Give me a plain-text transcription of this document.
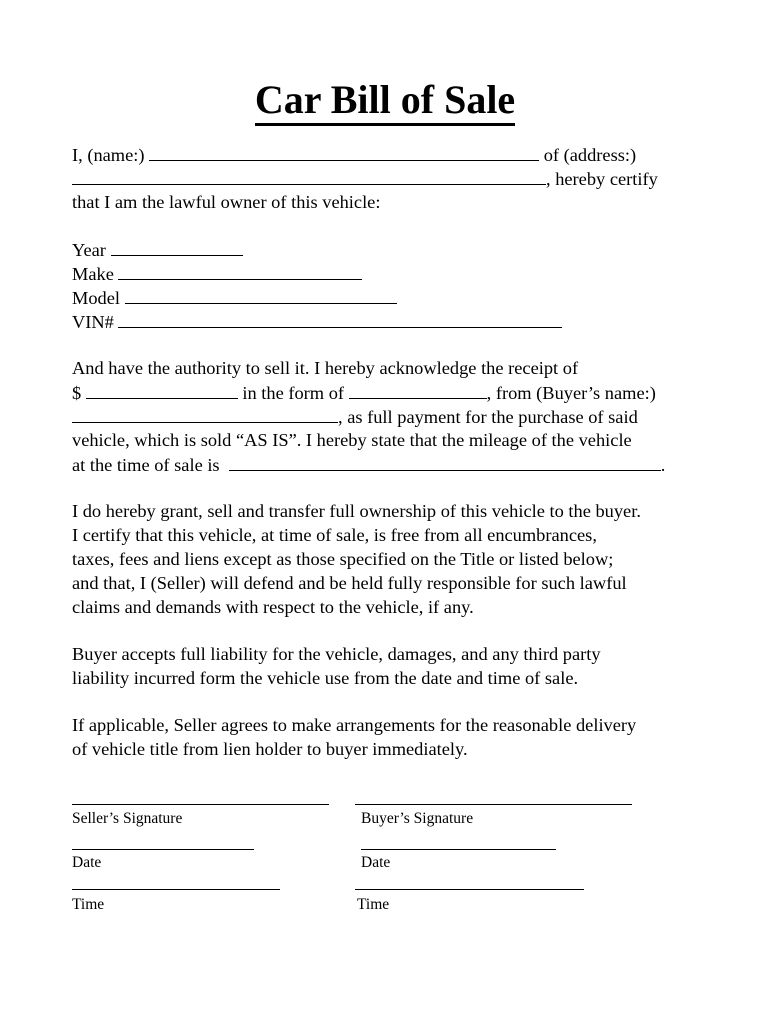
Car Bill of Sale
I, (name:)	of (address:)
, hereby certify
that I am the lawful owner of this vehicle:
Year
Make
Model
VIN#
And have the authority to sell it. I hereby acknowledge the receipt of
$	in the form of	, from (Buyer’s name:)
, as full payment for the purchase of said
vehicle, which is sold “AS IS”. I hereby state that the mileage of the vehicle
at the time of sale is	.
I do hereby grant, sell and transfer full ownership of this vehicle to the buyer.
I certify that this vehicle, at time of sale, is free from all encumbrances,
taxes, fees and liens except as those specified on the Title or listed below;
and that, I (Seller) will defend and be held fully responsible for such lawful
claims and demands with respect to the vehicle, if any.
Buyer accepts full liability for the vehicle, damages, and any third party
liability incurred form the vehicle use from the date and time of sale.
If applicable, Seller agrees to make arrangements for the reasonable delivery
of vehicle title from lien holder to buyer immediately.
Seller’s Signature	Buyer’s Signature
Date	Date
Time	Time
